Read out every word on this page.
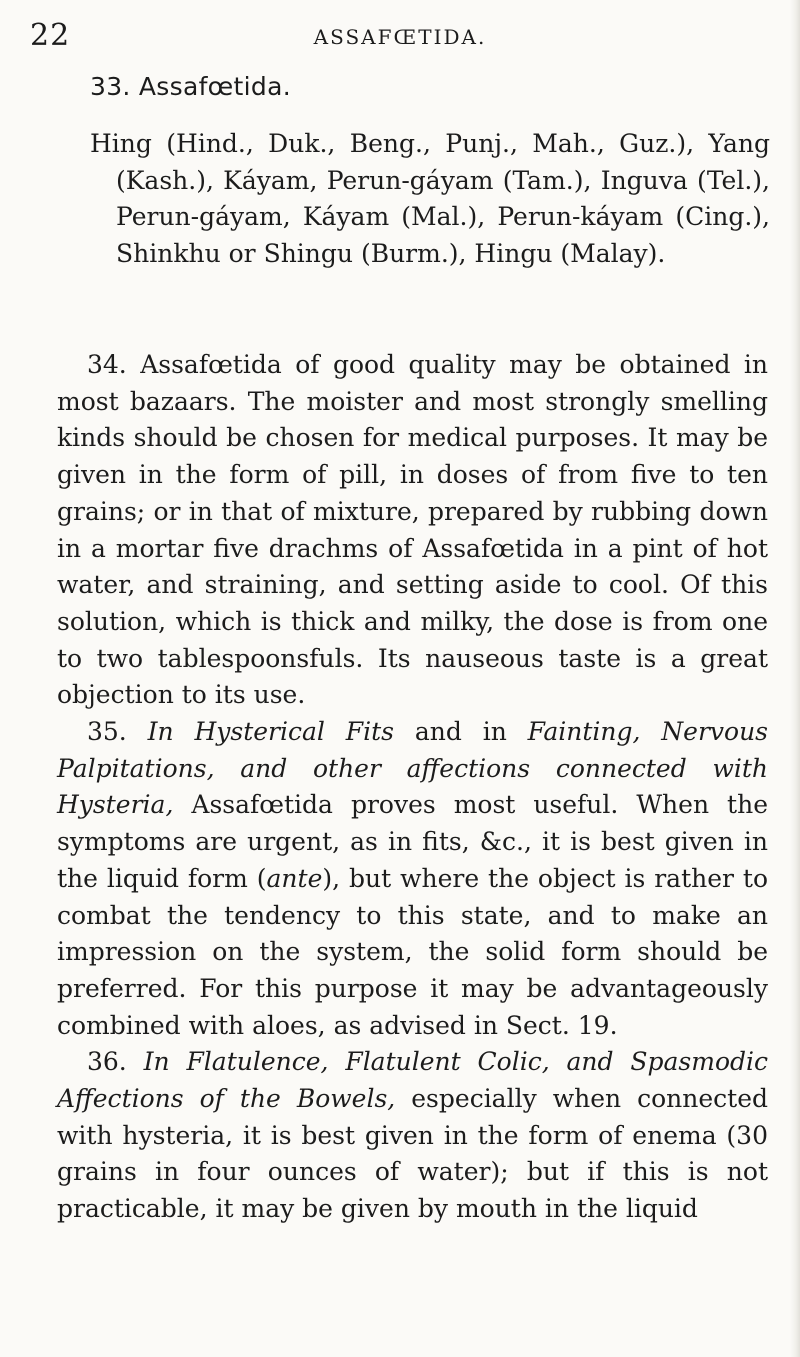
22	ASSAFŒTIDA.
33. Assafœtida.

Hing (Hind., Duk., Beng., Punj., Mah., Guz.), Yang (Kash.), Káyam, Perun-gáyam (Tam.), Inguva (Tel.), Perun-gáyam, Káyam (Mal.), Perun-káyam (Cing.), Shinkhu or Shingu (Burm.), Hingu (Malay).

34. Assafœtida of good quality may be obtained in most bazaars. The moister and most strongly smelling kinds should be chosen for medical purposes. It may be given in the form of pill, in doses of from five to ten grains; or in that of mixture, prepared by rubbing down in a mortar five drachms of Assafœtida in a pint of hot water, and straining, and setting aside to cool. Of this solution, which is thick and milky, the dose is from one to two tablespoonsfuls. Its nauseous taste is a great objection to its use.

35. In Hysterical Fits and in Fainting, Nervous Palpitations, and other affections connected with Hysteria, Assafœtida proves most useful. When the symptoms are urgent, as in fits, &c., it is best given in the liquid form (ante), but where the object is rather to combat the tendency to this state, and to make an impression on the system, the solid form should be preferred. For this purpose it may be advantageously combined with aloes, as advised in Sect. 19.

36. In Flatulence, Flatulent Colic, and Spasmodic Affections of the Bowels, especially when connected with hysteria, it is best given in the form of enema (30 grains in four ounces of water); but if this is not practicable, it may be given by mouth in the liquid
